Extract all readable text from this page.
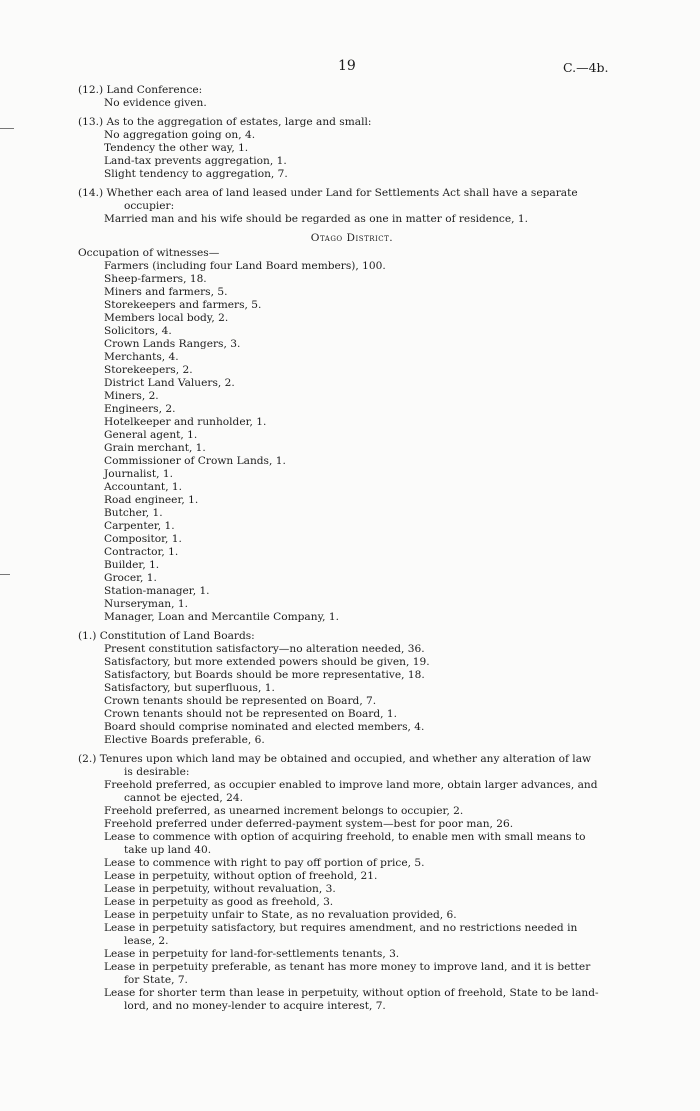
19	C.—4b.
(12.) Land Conference:
No evidence given.
(13.) As to the aggregation of estates, large and small:
No aggregation going on, 4.
Tendency the other way, 1.
Land-tax prevents aggregation, 1.
Slight tendency to aggregation, 7.
(14.) Whether each area of land leased under Land for Settlements Act shall have a separate
occupier:
Married man and his wife should be regarded as one in matter of residence, 1.
Otago District.
Occupation of witnesses—
Farmers (including four Land Board members), 100.
Sheep-farmers, 18.
Miners and farmers, 5.
Storekeepers and farmers, 5.
Members local body, 2.
Solicitors, 4.
Crown Lands Rangers, 3.
Merchants, 4.
Storekeepers, 2.
District Land Valuers, 2.
Miners, 2.
Engineers, 2.
Hotelkeeper and runholder, 1.
General agent, 1.
Grain merchant, 1.
Commissioner of Crown Lands, 1.
Journalist, 1.
Accountant, 1.
Road engineer, 1.
Butcher, 1.
Carpenter, 1.
Compositor, 1.
Contractor, 1.
Builder, 1.
Grocer, 1.
Station-manager, 1.
Nurseryman, 1.
Manager, Loan and Mercantile Company, 1.
(1.) Constitution of Land Boards:
Present constitution satisfactory—no alteration needed, 36.
Satisfactory, but more extended powers should be given, 19.
Satisfactory, but Boards should be more representative, 18.
Satisfactory, but superfluous, 1.
Crown tenants should be represented on Board, 7.
Crown tenants should not be represented on Board, 1.
Board should comprise nominated and elected members, 4.
Elective Boards preferable, 6.
(2.) Tenures upon which land may be obtained and occupied, and whether any alteration of law
is desirable:
Freehold preferred, as occupier enabled to improve land more, obtain larger advances, and
cannot be ejected, 24.
Freehold preferred, as unearned increment belongs to occupier, 2.
Freehold preferred under deferred-payment system—best for poor man, 26.
Lease to commence with option of acquiring freehold, to enable men with small means to
take up land 40.
Lease to commence with right to pay off portion of price, 5.
Lease in perpetuity, without option of freehold, 21.
Lease in perpetuity, without revaluation, 3.
Lease in perpetuity as good as freehold, 3.
Lease in perpetuity unfair to State, as no revaluation provided, 6.
Lease in perpetuity satisfactory, but requires amendment, and no restrictions needed in
lease, 2.
Lease in perpetuity for land-for-settlements tenants, 3.
Lease in perpetuity preferable, as tenant has more money to improve land, and it is better
for State, 7.
Lease for shorter term than lease in perpetuity, without option of freehold, State to be land-
lord, and no money-lender to acquire interest, 7.
